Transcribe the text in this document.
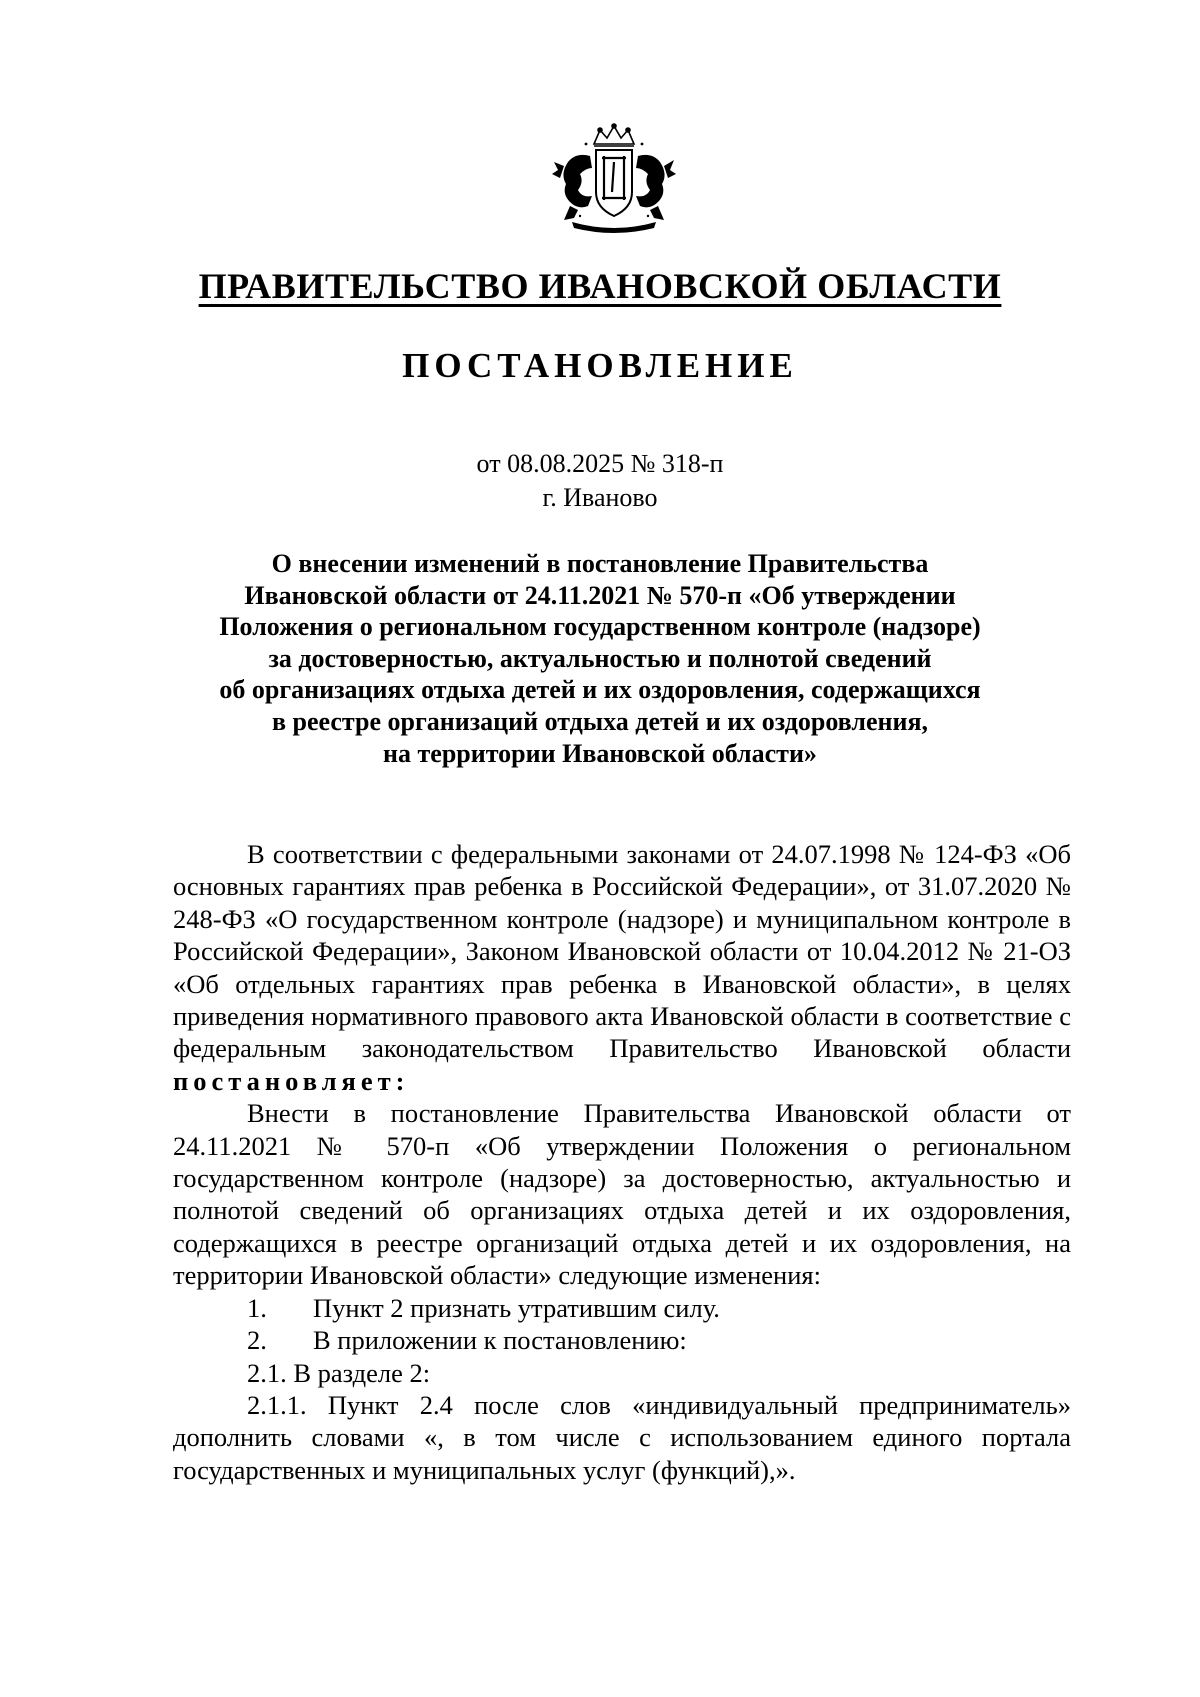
ПРАВИТЕЛЬСТВО ИВАНОВСКОЙ ОБЛАСТИ
ПОСТАНОВЛЕНИЕ
от 08.08.2025 № 318-п
г. Иваново
О внесении изменений в постановление Правительства
Ивановской области от 24.11.2021 № 570-п «Об утверждении
Положения о региональном государственном контроле (надзоре)
за достоверностью, актуальностью и полнотой сведений
об организациях отдыха детей и их оздоровления, содержащихся
в реестре организаций отдыха детей и их оздоровления,
на территории Ивановской области»

В соответствии с федеральными законами от 24.07.1998 № 124-ФЗ «Об основных гарантиях прав ребенка в Российской Федерации», от 31.07.2020 № 248-ФЗ «О государственном контроле (надзоре) и муниципальном контроле в Российской Федерации», Законом Ивановской области от 10.04.2012 № 21-ОЗ «Об отдельных гарантиях прав ребенка в Ивановской области», в целях приведения нормативного правового акта Ивановской области в соответствие с федеральным законодательством Правительство Ивановской области постановляет:

Внести в постановление Правительства Ивановской области от 24.11.2021 № 570-п «Об утверждении Положения о региональном государственном контроле (надзоре) за достоверностью, актуальностью и полнотой сведений об организациях отдыха детей и их оздоровления, содержащихся в реестре организаций отдыха детей и их оздоровления, на территории Ивановской области» следующие изменения:

1. Пункт 2 признать утратившим силу.
2. В приложении к постановлению:

2.1. В разделе 2:

2.1.1. Пункт 2.4 после слов «индивидуальный предприниматель» дополнить словами «, в том числе с использованием единого портала государственных и муниципальных услуг (функций),».
